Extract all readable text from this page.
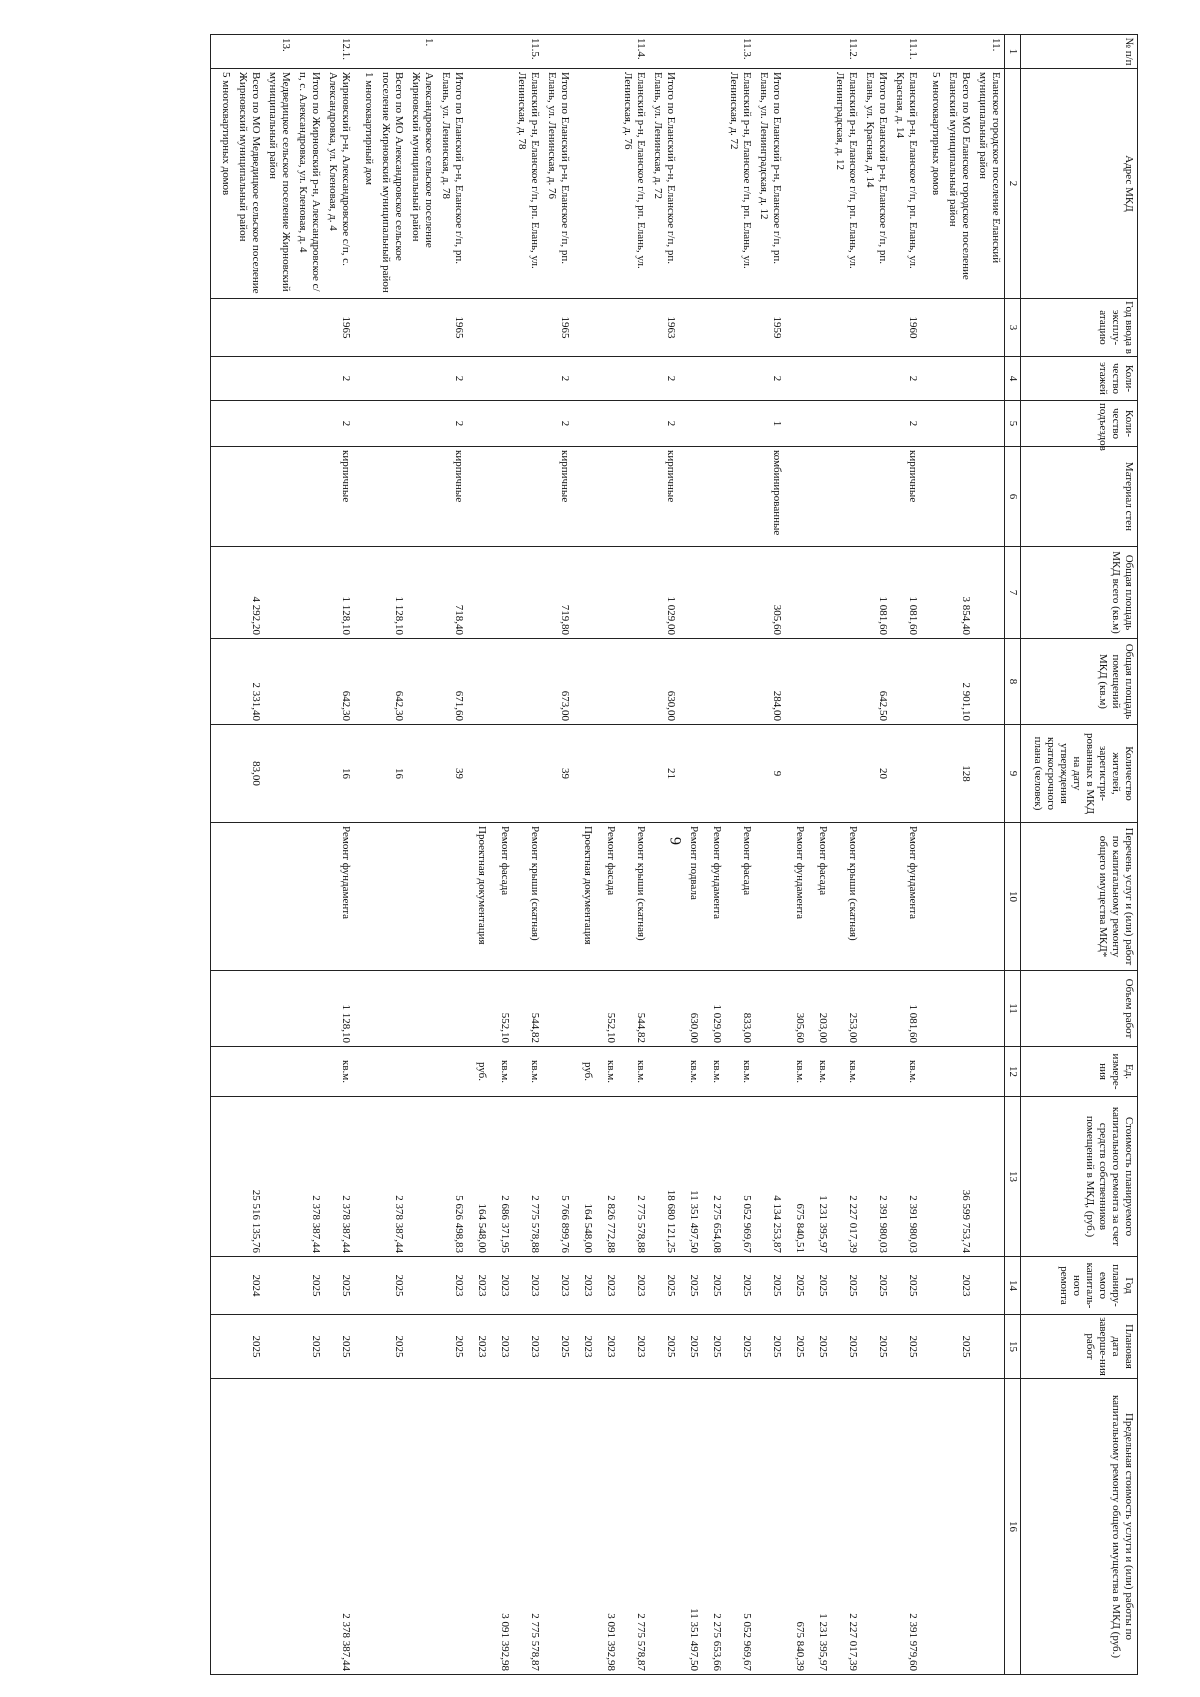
6
№ п/п	Адрес МКД	Год ввода в эксплу-атацию	Коли-чество этажей	Коли-чество подъездов	Материал стен	Общая площадь МКД всего (кв.м)	Общая площадь помещений МКД (кв.м)	Количество жителей, зарегистри-рованных в МКД на дату утверждения краткосрочного плана (человек)	Перечень услуг и (или) работ по капитальному ремонту общего имущества МКД*	Объем работ	Ед. измере-ния	Стоимость планируемого капитального ремонта за счет средств собственников помещений в МКД, (руб.)	Год планиру-емого капиталь-ного ремонта	Плановая дата заверше-ния работ	Предельная стоимость услуги и (или) работы по капитальному ремонту общего имущества в МКД (руб.)
1	2	3	4	5	6	7	8	9	10	11	12	13	14	15	16
11.	Еланское городское поселение Еланский муниципальный район														
	Всего по МО Еланское городское поселение Еланский муниципальный район					3 854,40	2 901,10	128				36 599 753,74	2023	2025	
	5 многоквартирных домов														
11.1.	Еланский р-н, Еланское г/п, рп. Елань, ул. Красная, д. 14	1960	2	2	кирпичные	1 081,60			Ремонт фундамента	1 081,60	кв.м.	2 391 980,03	2025	2025	2 391 979,60
	Итого по Еланский р-н, Еланское г/п, рп. Елань, ул. Красная, д. 14					1 081,60	642,50	20				2 391 980,03	2025	2025	
11.2.	Еланский р-н, Еланское г/п, рп. Елань, ул. Ленинградская, д. 12								Ремонт крыши (скатная)	253,00	кв.м.	2 227 017,39	2025	2025	2 227 017,39
									Ремонт фасада	203,00	кв.м.	1 231 395,97	2025	2025	1 231 395,97
									Ремонт фундамента	305,60	кв.м.	675 840,51	2025	2025	675 840,39
	Итого по Еланский р-н, Еланское г/п, рп. Елань, ул. Ленинградская, д. 12	1959	2	1	комбинированные	305,60	284,00	9				4 134 253,87	2025	2025	
11.3.	Еланский р-н, Еланское г/п, рп. Елань, ул. Ленинская, д. 72								Ремонт фасада	833,00	кв.м.	5 052 969,67	2025	2025	5 052 969,67
									Ремонт фундамента	1 029,00	кв.м.	2 275 654,08	2025	2025	2 275 653,66
									Ремонт подвала	630,00	кв.м.	11 351 497,50	2025	2025	11 351 497,50
	Итого по Еланский р-н, Еланское г/п, рп. Елань, ул. Ленинская, д. 72	1963	2	2	кирпичные	1 029,00	630,00	21				18 680 121,25	2025	2025	
11.4.	Еланский р-н, Еланское г/п, рп. Елань, ул. Ленинская, д. 76								Ремонт крыши (скатная)	544,82	кв.м.	2 775 578,88	2023	2023	2 775 578,87
									Ремонт фасада	552,10	кв.м.	2 826 772,88	2023	2023	3 091 392,98
									Проектная документация		руб.	164 548,00	2023	2023	
	Итого по Еланский р-н, Еланское г/п, рп. Елань, ул. Ленинская, д. 76	1965	2	2	кирпичные	719,80	673,00	39				5 766 899,76	2023	2025	
11.5.	Еланский р-н, Еланское г/п, рп. Елань, ул. Ленинская, д. 78								Ремонт крыши (скатная)	544,82	кв.м.	2 775 578,88	2023	2023	2 775 578,87
									Ремонт фасада	552,10	кв.м.	2 686 371,95	2023	2023	3 091 392,98
									Проектная документация		руб.	164 548,00	2023	2023	
	Итого по Еланский р-н, Еланское г/п, рп. Елань, ул. Ленинская, д. 78	1965	2	2	кирпичные	718,40	671,60	39				5 626 498,83	2023	2025	
1.	Александровское сельское поселение Жирновский муниципальный район														
	Всего по МО Александровское сельское поселение Жирновский муниципальный район					1 128,10	642,30	16				2 378 387,44	2025	2025	
	1 многоквартирный дом														
12.1.	Жирновский р-н, Александровское с/п, с. Александровка, ул. Кленовая, д. 4	1965	2	2	кирпичные	1 128,10	642,30	16	Ремонт фундамента	1 128,10	кв.м.	2 378 387,44	2025	2025	2 378 387,44
	Итого по Жирновский р-н, Александровское с/п, с. Александровка, ул. Кленовая, д. 4											2 378 387,44	2025	2025	
13.	Медведицкое сельское поселение Жирновский муниципальный район														
	Всего по МО Медведицкое сельское поселение Жирновский муниципальный район					4 292,20	2 331,40	83,00				25 516 135,76	2024	2025	
	5 многоквартирных домов														
